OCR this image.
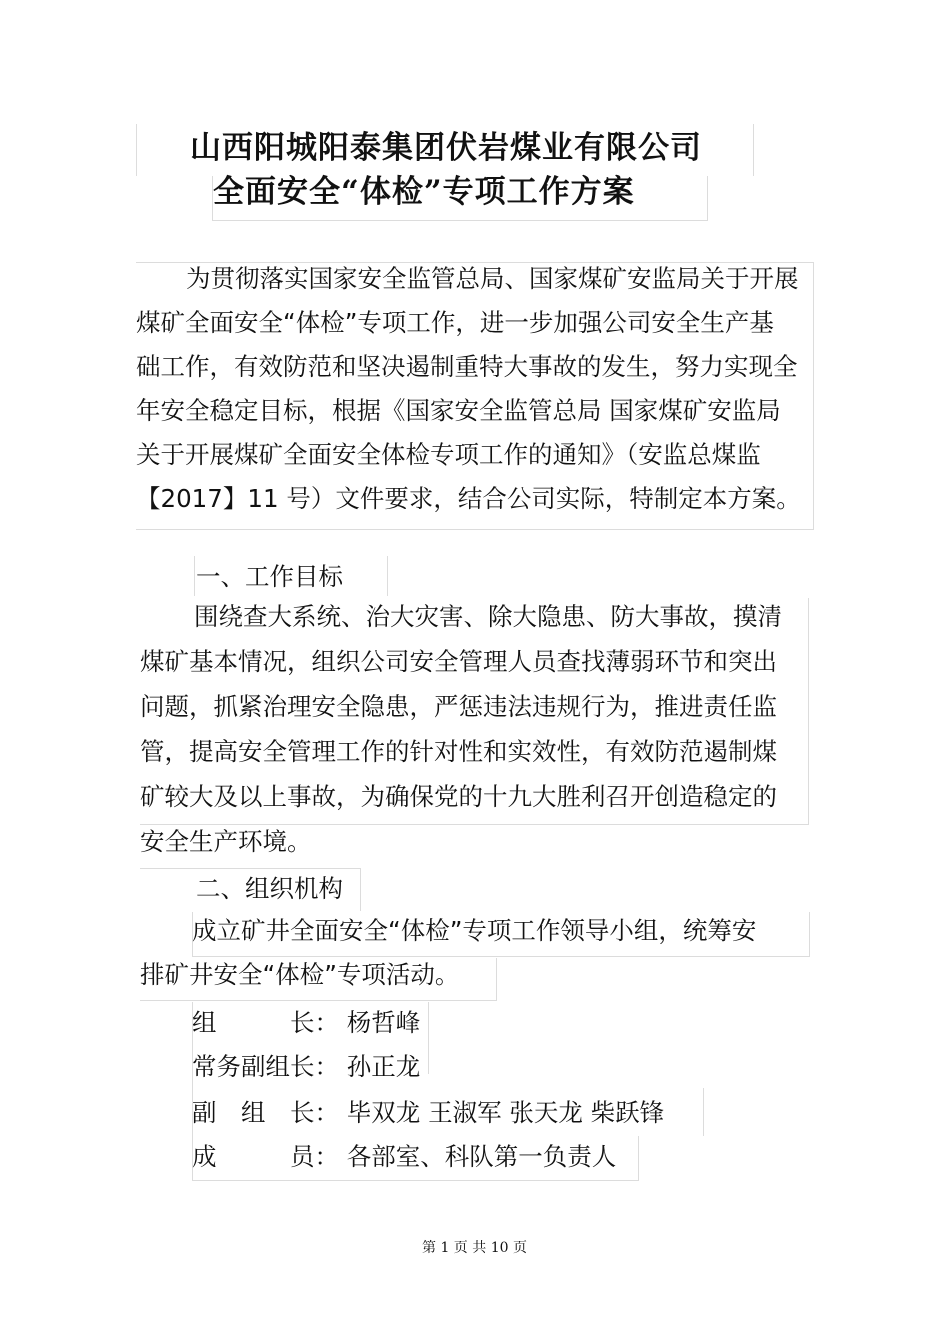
山西阳城阳泰集团伏岩煤业有限公司
全面安全“体检”专项工作方案
为贯彻落实国家安全监管总局、国家煤矿安监局关于开展
煤矿全面安全“体检”专项工作，进一步加强公司安全生产基
础工作，有效防范和坚决遏制重特大事故的发生，努力实现全
年安全稳定目标，根据《国家安全监管总局 国家煤矿安监局
关于开展煤矿全面安全体检专项工作的通知》（安监总煤监
【2017】11 号）文件要求，结合公司实际，特制定本方案。
一、工作目标
围绕查大系统、治大灾害、除大隐患、防大事故，摸清
煤矿基本情况，组织公司安全管理人员查找薄弱环节和突出
问题，抓紧治理安全隐患，严惩违法违规行为，推进责任监
管，提高安全管理工作的针对性和实效性，有效防范遏制煤
矿较大及以上事故，为确保党的十九大胜利召开创造稳定的
安全生产环境。
二、组织机构
成立矿井全面安全“体检”专项工作领导小组，统筹安
排矿井安全“体检”专项活动。
组　　　长： 杨哲峰
常务副组长： 孙正龙
副　组　长： 毕双龙 王淑军 张天龙 柴跃锋
成　　　员： 各部室、科队第一负责人
第 1 页 共 10 页
